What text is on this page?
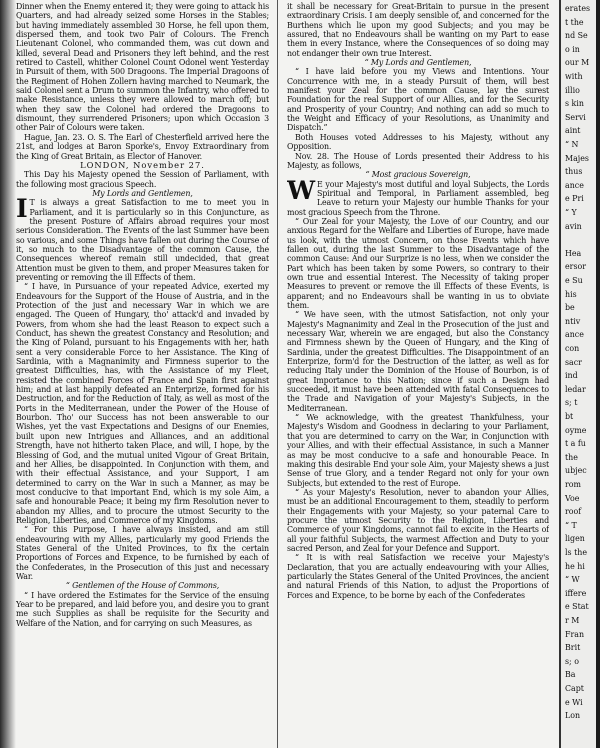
Dinner when the Enemy entered it; they were going to attack his Quarters, and had already seized some Horses in the Stables; but having immediately assembled 30 Horse, he fell upon them, dispersed them, and took two Pair of Colours. The French Lieutenant Colonel, who commanded them, was cut down and killed, several Dead and Prisoners they left behind, and the rest retired to Castell, whither Colonel Count Odonel went Yesterday in Pursuit of them, with 500 Dragoons. The Imperial Dragoons of the Regiment of Hohen Zollern having marched to Neumark, the said Colonel sent a Drum to summon the Infantry, who offered to make Resistance, unless they were allowed to march off; but when they saw the Colonel had ordered the Dragoons to dismount, they surrendered Prisoners; upon which Occasion 3 other Pair of Colours were taken.

Hague, Jan. 23. O. S. The Earl of Chesterfield arrived here the 21st, and lodges at Baron Sporke's, Envoy Extraordinary from the King of Great Britain, as Elector of Hanover.

LONDON, November 27.

This Day his Majesty opened the Session of Parliament, with the following most gracious Speech.

My Lords and Gentlemen,

I T is always a great Satisfaction to me to meet you in Parliament, and it is particularly so in this Conjuncture, as the present Posture of Affairs abroad requires your most serious Consideration. The Events of the last Summer have been so various, and some Things have fallen out during the Course of it, so much to the Disadvantage of the common Cause, the Consequences whereof remain still undecided, that great Attention must be given to them, and proper Measures taken for preventing or removing the ill Effects of them.

“ I have, in Pursuance of your repeated Advice, exerted my Endeavours for the Support of the House of Austria, and in the Protection of the just and necessary War in which we are engaged. The Queen of Hungary, tho' attack'd and invaded by Powers, from whom she had the least Reason to expect such a Conduct, has shewn the greatest Constancy and Resolution; and the King of Poland, pursuant to his Engagements with her, hath sent a very considerable Force to her Assistance. The King of Sardinia, with a Magnanimity and Firmness superior to the greatest Difficulties, has, with the Assistance of my Fleet, resisted the combined Forces of France and Spain first against him; and at last happily defeated an Enterprize, formed for his Destruction, and for the Reduction of Italy, as well as most of the Ports in the Mediterranean, under the Power of the House of Bourbon. Tho' our Success has not been answerable to our Wishes, yet the vast Expectations and Designs of our Enemies, built upon new Intrigues and Alliances, and an additional Strength, have not hitherto taken Place, and will, I hope, by the Blessing of God, and the mutual united Vigour of Great Britain, and her Allies, be disappointed. In Conjunction with them, and with their effectual Assistance, and your Support, I am determined to carry on the War in such a Manner, as may be most conducive to that important End, which is my sole Aim, a safe and honourable Peace; it being my firm Resolution never to abandon my Allies, and to procure the utmost Security to the Religion, Liberties, and Commerce of my Kingdoms.

“ For this Purpose, I have always insisted, and am still endeavouring with my Allies, particularly my good Friends the States General of the United Provinces, to fix the certain Proportions of Forces and Expence, to be furnished by each of the Confederates, in the Prosecution of this just and necessary War.

“ Gentlemen of the House of Commons,

“ I have ordered the Estimates for the Service of the ensuing Year to be prepared, and laid before you, and desire you to grant me such Supplies as shall be requisite for the Security and Welfare of the Nation, and for carrying on such Measures, as

it shall be necessary for Great-Britain to pursue in the present extraordinary Crisis. I am deeply sensible of, and concerned for the Burthens which lie upon my good Subjects; and you may be assured, that no Endeavours shall be wanting on my Part to ease them in every Instance, where the Consequences of so doing may not endanger their own true Interest.

“ My Lords and Gentlemen,

“ I have laid before you my Views and Intentions. Your Concurrence with me, in a steady Pursuit of them, will best manifest your Zeal for the common Cause, lay the surest Foundation for the real Support of our Allies, and for the Security and Prosperity of your Country; And nothing can add so much to the Weight and Efficacy of your Resolutions, as Unanimity and Dispatch.”

Both Houses voted Addresses to his Majesty, without any Opposition.

Nov. 28. The House of Lords presented their Address to his Majesty, as follows,

“ Most gracious Sovereign,

W E your Majesty's most dutiful and loyal Subjects, the Lords Spiritual and Temporal, in Parliament assembled, beg Leave to return your Majesty our humble Thanks for your most gracious Speech from the Throne.

“ Our Zeal for your Majesty, the Love of our Country, and our anxious Regard for the Welfare and Liberties of Europe, have made us look, with the utmost Concern, on those Events which have fallen out, during the last Summer to the Disadvantage of the common Cause: And our Surprize is no less, when we consider the Part which has been taken by some Powers, so contrary to their own true and essential Interest. The Necessity of taking proper Measures to prevent or remove the ill Effects of these Events, is apparent; and no Endeavours shall be wanting in us to obviate them.

“ We have seen, with the utmost Satisfaction, not only your Majesty's Magnanimity and Zeal in the Prosecution of the just and necessary War, wherein we are engaged, but also the Constancy and Firmness shewn by the Queen of Hungary, and the King of Sardinia, under the greatest Difficulties. The Disappointment of an Enterprize, form'd for the Destruction of the latter, as well as for reducing Italy under the Dominion of the House of Bourbon, is of great Importance to this Nation; since if such a Design had succeeded, it must have been attended with fatal Consequences to the Trade and Navigation of your Majesty's Subjects, in the Mediterranean.

“ We acknowledge, with the greatest Thankfulness, your Majesty's Wisdom and Goodness in declaring to your Parliament, that you are determined to carry on the War, in Conjunction with your Allies, and with their effectual Assistance, in such a Manner as may be most conducive to a safe and honourable Peace. In making this desirable End your sole Aim, your Majesty shews a just Sense of true Glory, and a tender Regard not only for your own Subjects, but extended to the rest of Europe.

“ As your Majesty's Resolution, never to abandon your Allies, must be an additional Encouragement to them, steadily to perform their Engagements with your Majesty, so your paternal Care to procure the utmost Security to the Religion, Liberties and Commerce of your Kingdoms, cannot fail to excite in the Hearts of all your faithful Subjects, the warmest Affection and Duty to your sacred Person, and Zeal for your Defence and Support.

“ It is with real Satisfaction we receive your Majesty's Declaration, that you are actually endeavouring with your Allies, particularly the States General of the United Provinces, the ancient and natural Friends of this Nation, to adjust the Proportions of Forces and Expence, to be borne by each of the Confederates

erates
t the
nd Se
o in
our M
with
illio
s kin
Servi
aint
“ N
Majes
thus
ance
e Pri
“ Y
avin
Hea
ersor
e Su
his
be
ntiv
ance
con
sacr
ind
ledar
s; t
bt
oyme
t a fu
the
ubjec
rom
Voe
roof
“ T
ligen
ls the
he hi
“ W
iffere
e Stat
r M
Fran
Brit
s; o
Ba
Capt
e Wi
Lon
